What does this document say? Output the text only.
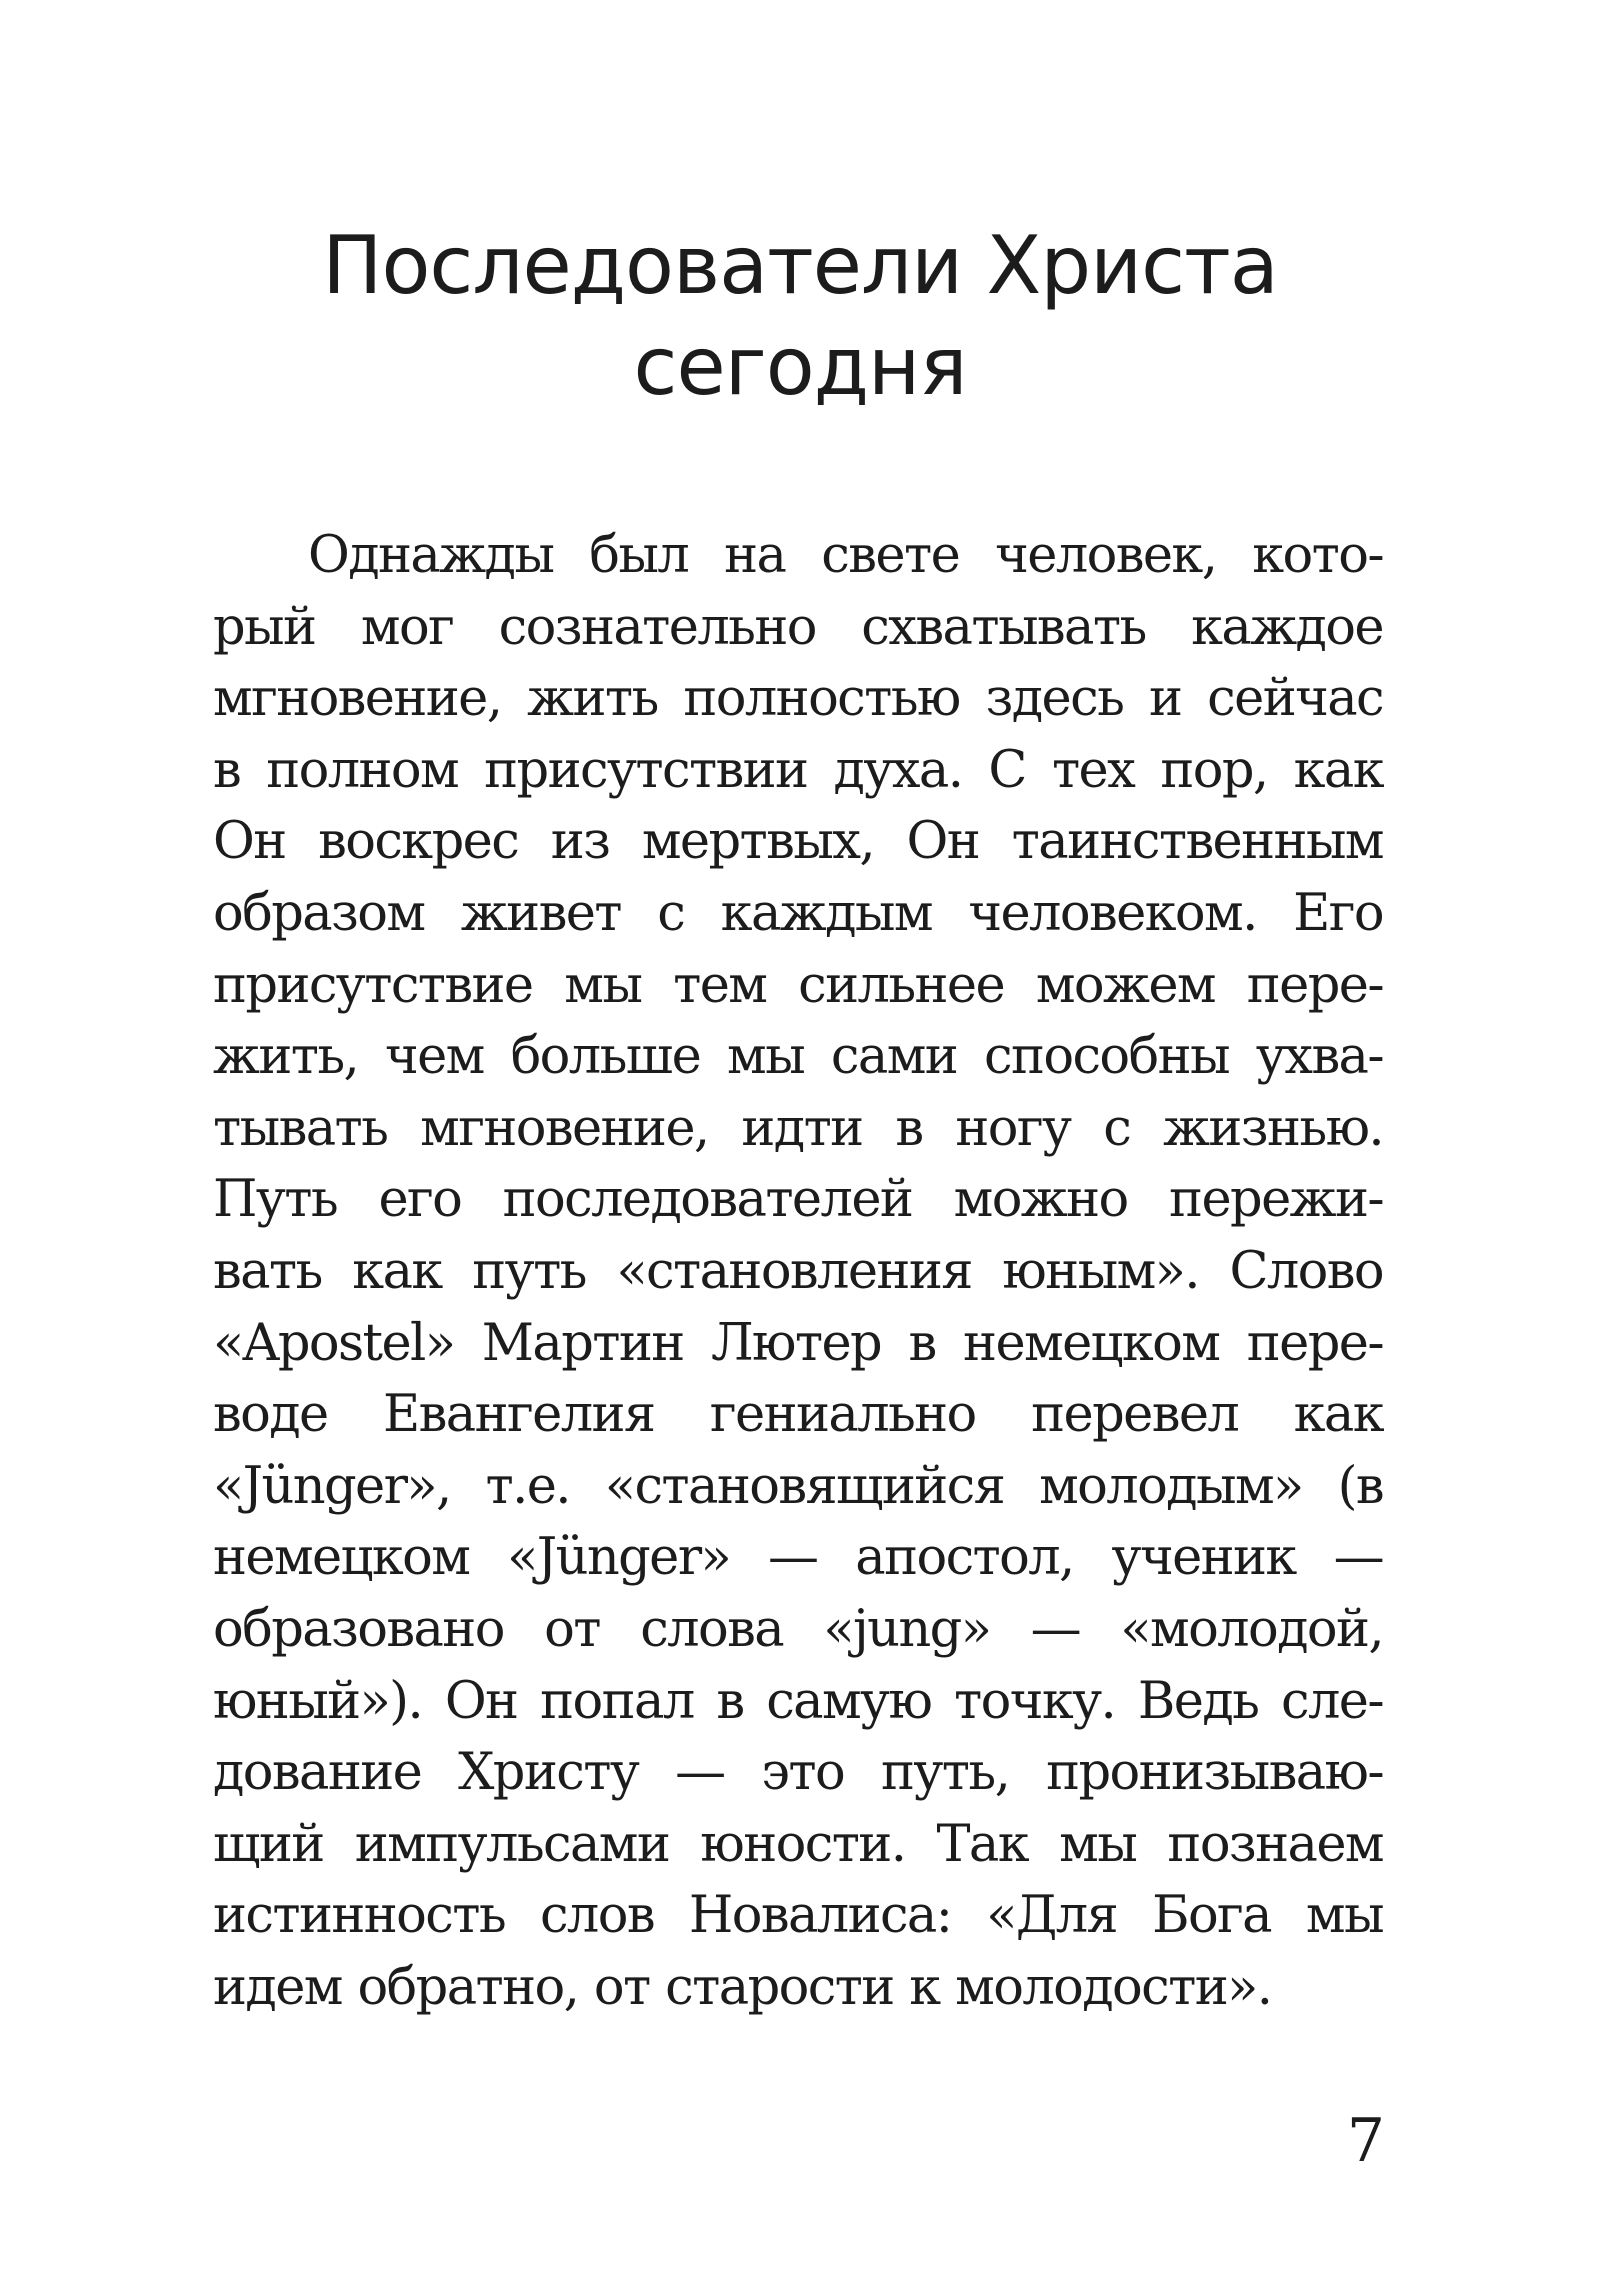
Последователи Христа
сегодня
Однажды был на свете человек, кото-
рый мог сознательно схватывать каждое
мгновение, жить полностью здесь и сейчас
в полном присутствии духа. С тех пор, как
Он воскрес из мертвых, Он таинственным
образом живет с каждым человеком. Его
присутствие мы тем сильнее можем пере-
жить, чем больше мы сами способны ухва-
тывать мгновение, идти в ногу с жизнью.
Путь его последователей можно пережи-
вать как путь «становления юным». Слово
«Apostel» Мартин Лютер в немецком пере-
воде Евангелия гениально перевел как
«Jünger», т.е. «становящийся молодым» (в
немецком «Jünger» — апостол, ученик —
образовано от слова «jung» — «молодой,
юный»). Он попал в самую точку. Ведь сле-
дование Христу — это путь, пронизываю-
щий импульсами юности. Так мы познаем
истинность слов Новалиса: «Для Бога мы
идем обратно, от старости к молодости».
7
